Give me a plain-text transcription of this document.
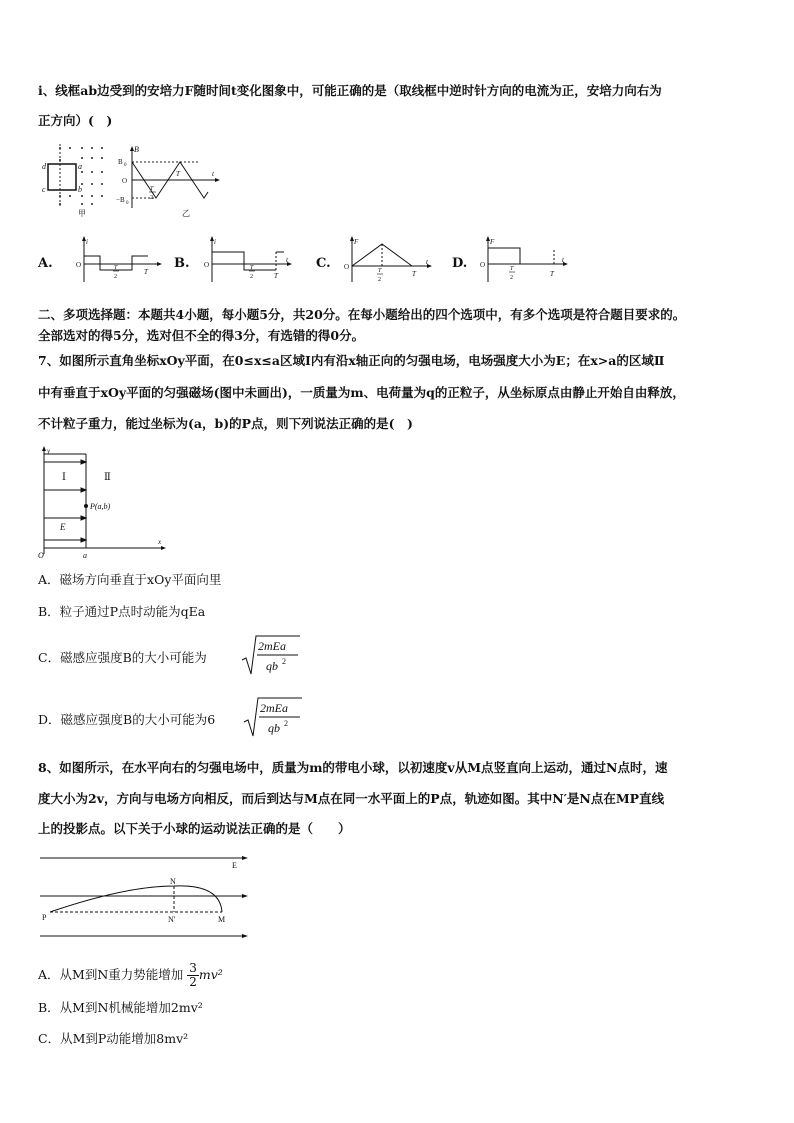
i、线框ab边受到的安培力F随时间t变化图象中，可能正确的是（取线框中逆时针方向的电流为正，安培力向右为
正方向）(　)
d	a
c	b
甲
B
B 0
O
−B 0
T
2
T	t
乙
A.
i
O	T
2
T
B.
i
O
t
T
2	T
C.
F
O
t
T
2
T
D.
F
O
t
T
2	T
二、多项选择题：本题共4小题，每小题5分，共20分。在每小题给出的四个选项中，有多个选项是符合题目要求的。
全部选对的得5分，选对但不全的得3分，有选错的得0分。
7、如图所示直角坐标xOy平面，在0≤x≤a区域Ⅰ内有沿x轴正向的匀强电场，电场强度大小为E；在x>a的区域Ⅱ
中有垂直于xOy平面的匀强磁场(图中未画出)，一质量为m、电荷量为q的正粒子，从坐标原点由静止开始自由释放，
不计粒子重力，能过坐标为(a，b)的P点，则下列说法正确的是(　)
y
x
O	a
Ⅰ	Ⅱ
E
P(a,b)
A．磁场方向垂直于xOy平面向里
B．粒子通过P点时动能为qEa
C．磁感应强度B的大小可能为
2mEa
qb 2
D．磁感应强度B的大小可能为6
2mEa
qb 2
8、如图所示，在水平向右的匀强电场中，质量为m的带电小球，以初速度v从M点竖直向上运动，通过N点时，速
度大小为2v，方向与电场方向相反，而后到达与M点在同一水平面上的P点，轨迹如图。其中N′是N点在MP直线
上的投影点。以下关于小球的运动说法正确的是（　　）
E
N
N′
P	M
A．从M到N重力势能增加 $\frac{3}{2} mv^2$
B．从M到N机械能增加2mv²
C．从M到P动能增加8mv²
